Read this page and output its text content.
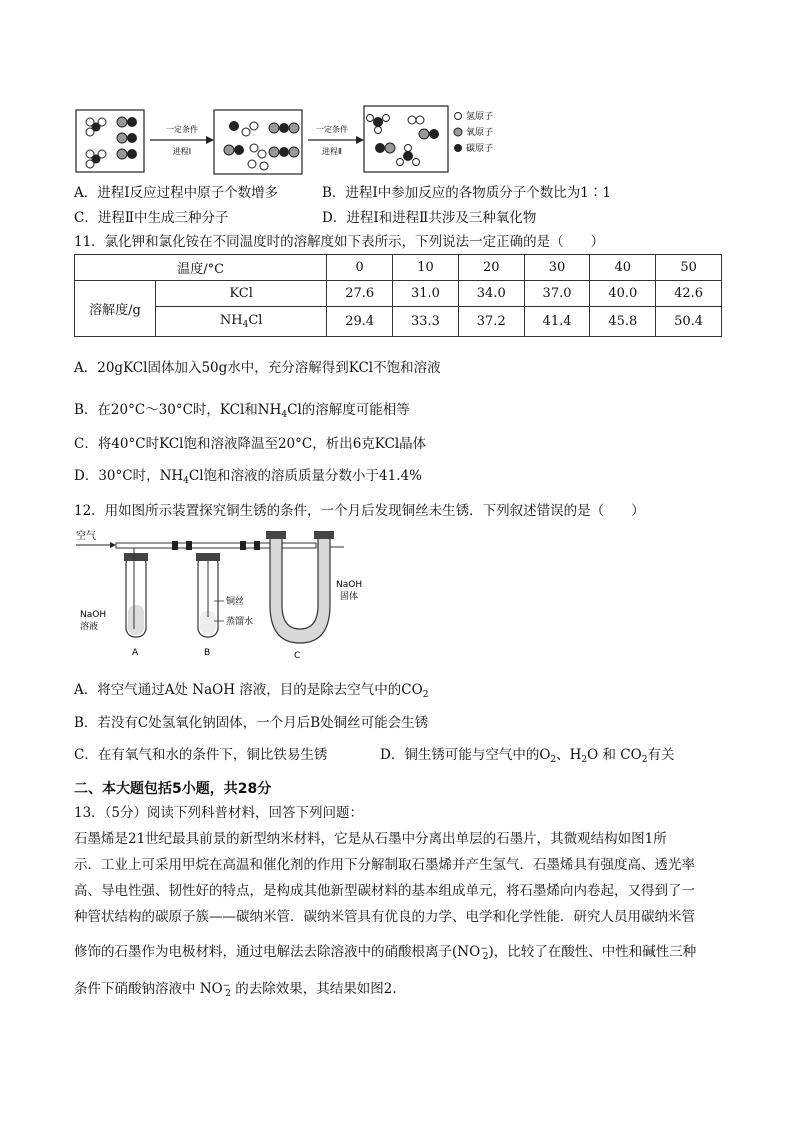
一定条件
进程Ⅰ
一定条件
进程Ⅱ
氢原子
氧原子
碳原子
A．进程Ⅰ反应过程中原子个数增多	B．进程Ⅰ中参加反应的各物质分子个数比为1∶1
C．进程Ⅱ中生成三种分子	D．进程Ⅰ和进程Ⅱ共涉及三种氧化物
11．氯化钾和氯化铵在不同温度时的溶解度如下表所示，下列说法一定正确的是（　　）
温度/°C		0	10	20	30	40	50
溶解度/g	KCl	27.6	31.0	34.0	37.0	40.0	42.6
	$NH_4Cl$	29.4	33.3	37.2	41.4	45.8	50.4
A．20gKCl固体加入50g水中，充分溶解得到KCl不饱和溶液
B．在20°C～30°C时，KCl和$NH_4Cl$的溶解度可能相等
C．将40°C时KCl饱和溶液降温至20°C，析出6克KCl晶体
D．30°C时，$NH_4Cl$饱和溶液的溶质质量分数小于41.4%
12．用如图所示装置探究铜生锈的条件，一个月后发现铜丝未生锈．下列叙述错误的是（　　）
空气
NaOH
溶液
A
铜丝
蒸馏水
B
NaOH
固体
C
A．将空气通过A处 NaOH 溶液，目的是除去空气中的$CO_2$
B．若没有C处氢氧化钠固体，一个月后B处铜丝可能会生锈
C．在有氧气和水的条件下，铜比铁易生锈	D．铜生锈可能与空气中的$O_2$、$H_2O$ 和 $CO_2$有关
二、本大题包括5小题，共28分
13．（5分）阅读下列科普材料，回答下列问题：
石墨烯是21世纪最具前景的新型纳米材料，它是从石墨中分离出单层的石墨片，其微观结构如图1所
示．工业上可采用甲烷在高温和催化剂的作用下分解制取石墨烯并产生氢气．石墨烯具有强度高、透光率
高、导电性强、韧性好的特点，是构成其他新型碳材料的基本组成单元，将石墨烯向内卷起，又得到了一
种管状结构的碳原子簇——碳纳米管．碳纳米管具有优良的力学、电学和化学性能．研究人员用碳纳米管
修饰的石墨作为电极材料，通过电解法去除溶液中的硝酸根离子$(NO^-_2)$，比较了在酸性、中性和碱性三种
条件下硝酸钠溶液中 $NO^-_2$ 的去除效果，其结果如图2.
